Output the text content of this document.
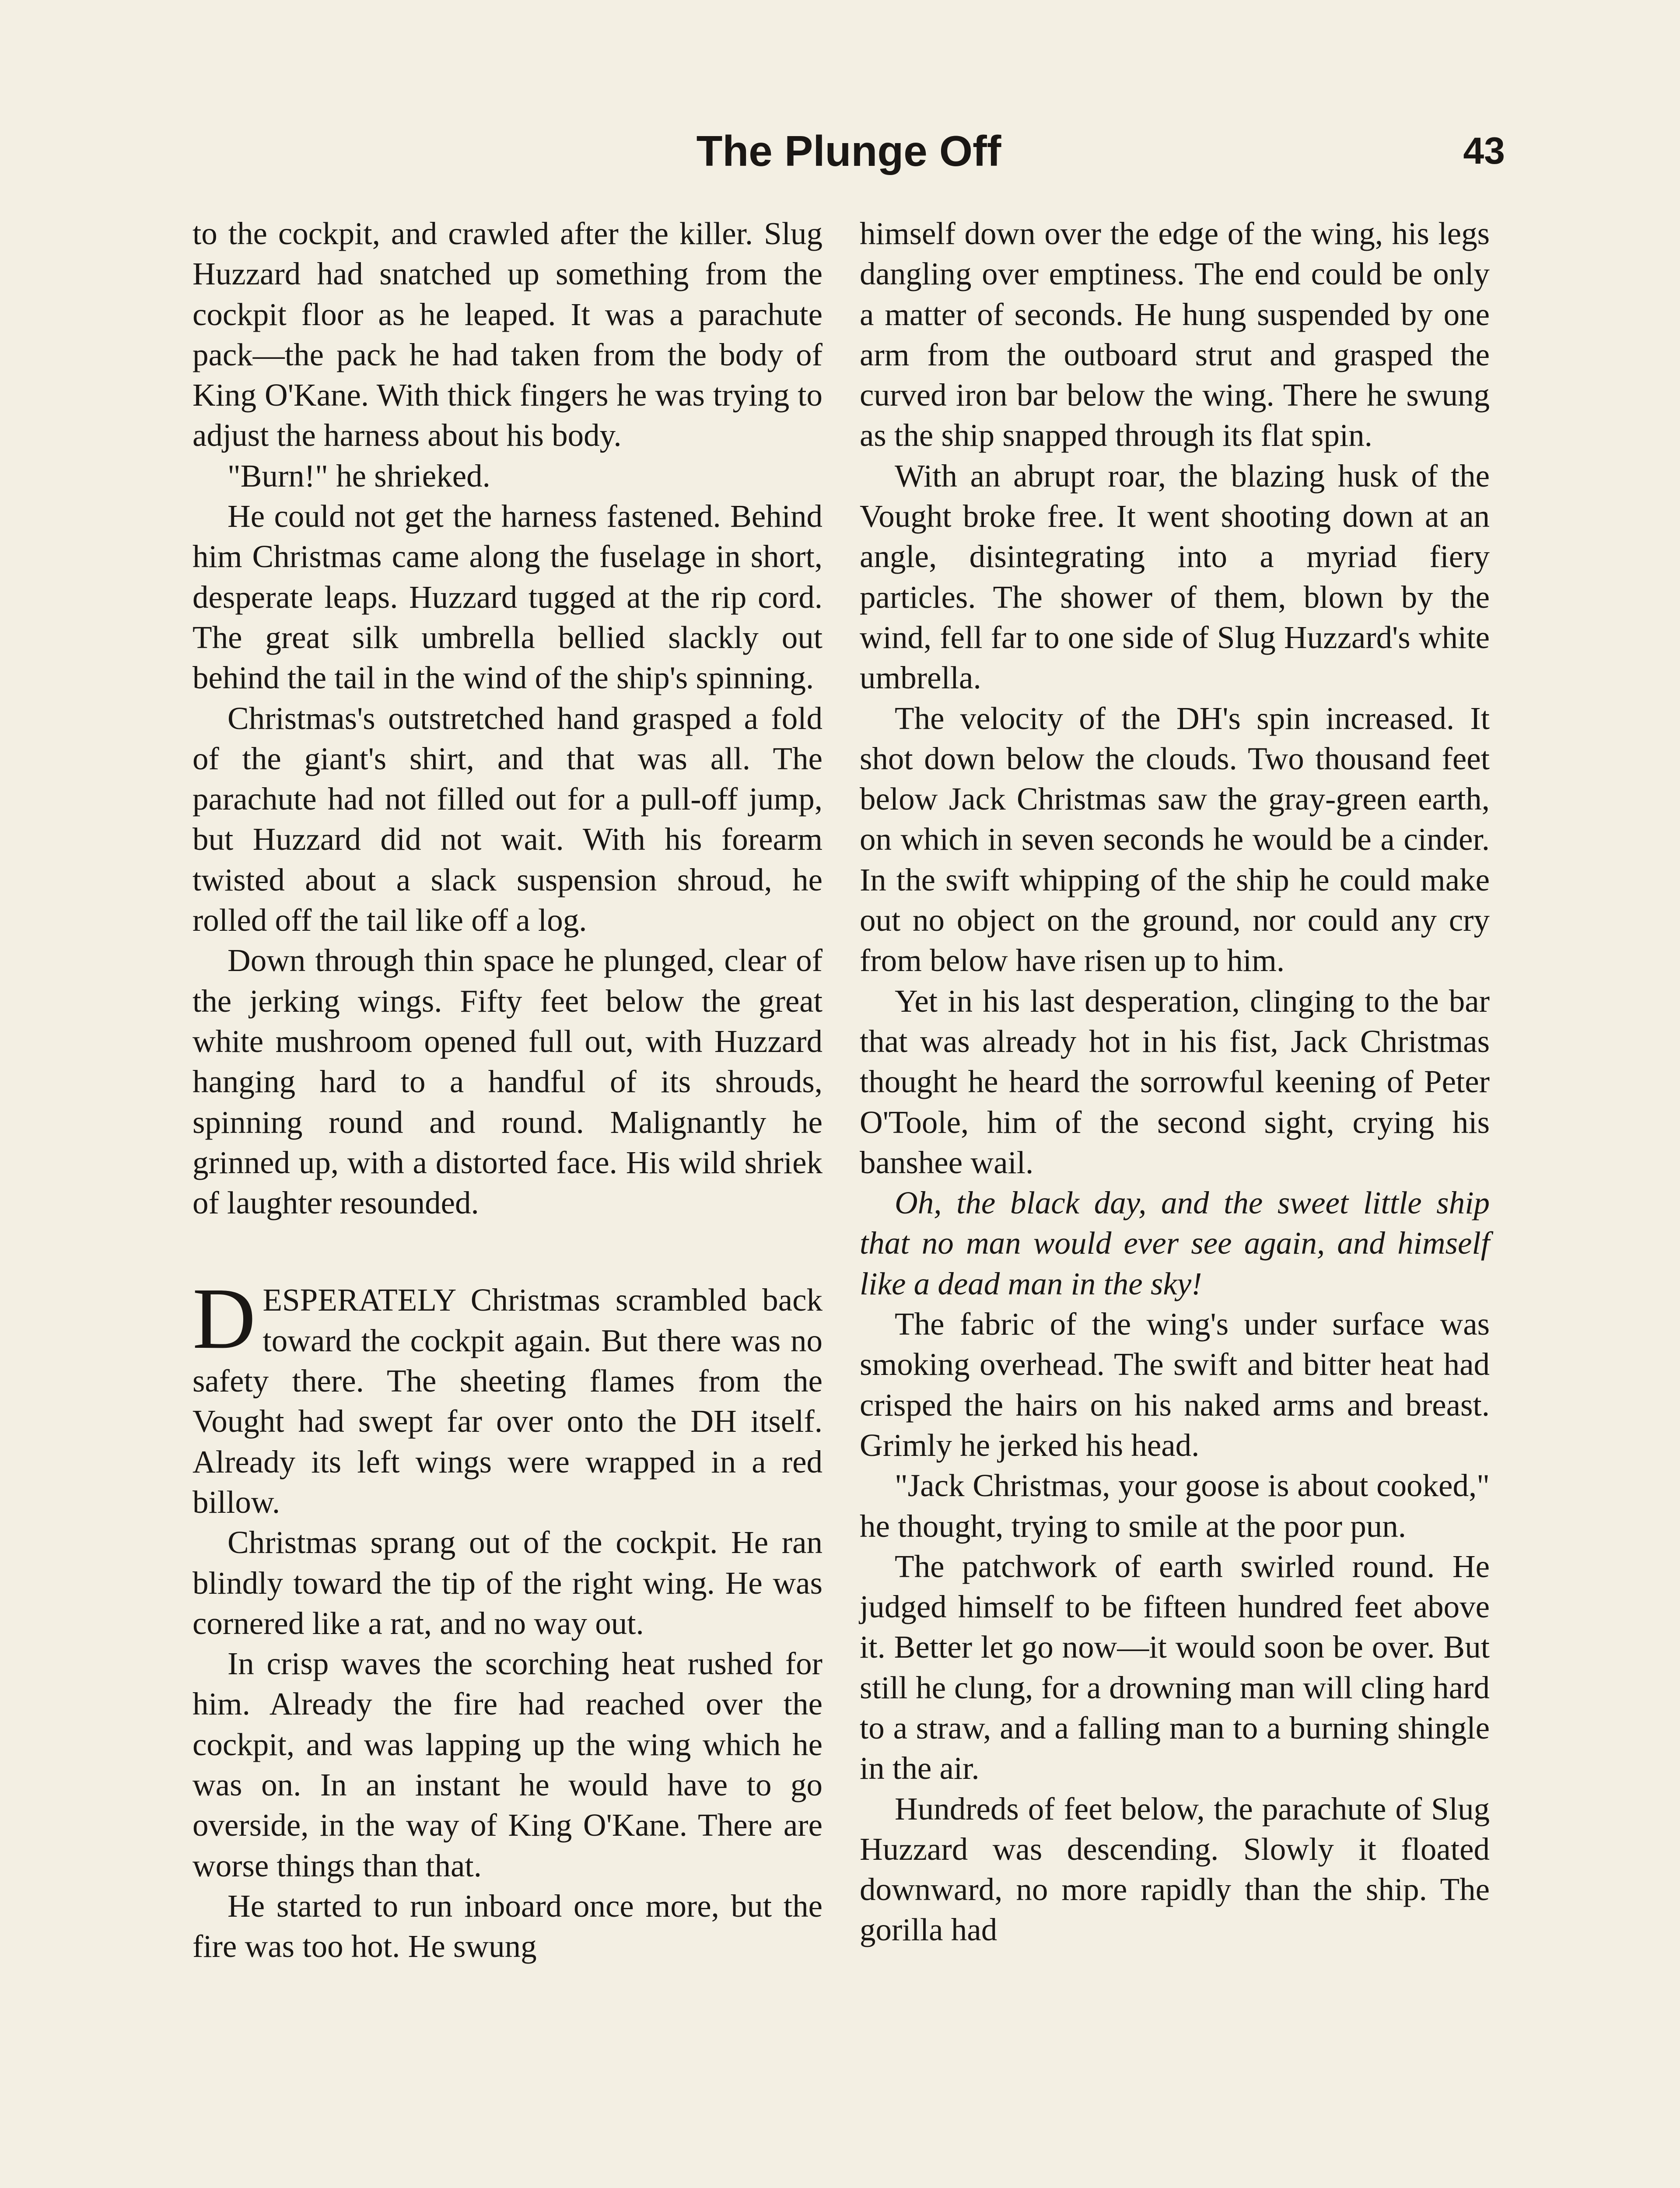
The Plunge Off	43

to the cockpit, and crawled after the killer. Slug Huzzard had snatched up something from the cockpit floor as he leaped. It was a parachute pack—the pack he had taken from the body of King O'Kane. With thick fingers he was trying to adjust the harness about his body.

"Burn!" he shrieked.

He could not get the harness fastened. Behind him Christmas came along the fuselage in short, desperate leaps. Huzzard tugged at the rip cord. The great silk umbrella bellied slackly out behind the tail in the wind of the ship's spinning.

Christmas's outstretched hand grasped a fold of the giant's shirt, and that was all. The parachute had not filled out for a pull-off jump, but Huzzard did not wait. With his forearm twisted about a slack suspension shroud, he rolled off the tail like off a log.

Down through thin space he plunged, clear of the jerking wings. Fifty feet below the great white mushroom opened full out, with Huzzard hanging hard to a handful of its shrouds, spinning round and round. Malignantly he grinned up, with a distorted face. His wild shriek of laughter resounded.

DESPERATELY Christmas scrambled back toward the cockpit again. But there was no safety there. The sheeting flames from the Vought had swept far over onto the DH itself. Already its left wings were wrapped in a red billow.

Christmas sprang out of the cockpit. He ran blindly toward the tip of the right wing. He was cornered like a rat, and no way out.

In crisp waves the scorching heat rushed for him. Already the fire had reached over the cockpit, and was lapping up the wing which he was on. In an instant he would have to go overside, in the way of King O'Kane. There are worse things than that.

He started to run inboard once more, but the fire was too hot. He swung

himself down over the edge of the wing, his legs dangling over emptiness. The end could be only a matter of seconds. He hung suspended by one arm from the outboard strut and grasped the curved iron bar below the wing. There he swung as the ship snapped through its flat spin.

With an abrupt roar, the blazing husk of the Vought broke free. It went shooting down at an angle, disintegrating into a myriad fiery particles. The shower of them, blown by the wind, fell far to one side of Slug Huzzard's white umbrella.

The velocity of the DH's spin increased. It shot down below the clouds. Two thousand feet below Jack Christmas saw the gray-green earth, on which in seven seconds he would be a cinder. In the swift whipping of the ship he could make out no object on the ground, nor could any cry from below have risen up to him.

Yet in his last desperation, clinging to the bar that was already hot in his fist, Jack Christmas thought he heard the sorrowful keening of Peter O'Toole, him of the second sight, crying his banshee wail.

Oh, the black day, and the sweet little ship that no man would ever see again, and himself like a dead man in the sky!

The fabric of the wing's under surface was smoking overhead. The swift and bitter heat had crisped the hairs on his naked arms and breast. Grimly he jerked his head.

"Jack Christmas, your goose is about cooked," he thought, trying to smile at the poor pun.

The patchwork of earth swirled round. He judged himself to be fifteen hundred feet above it. Better let go now—it would soon be over. But still he clung, for a drowning man will cling hard to a straw, and a falling man to a burning shingle in the air.

Hundreds of feet below, the parachute of Slug Huzzard was descending. Slowly it floated downward, no more rapidly than the ship. The gorilla had
